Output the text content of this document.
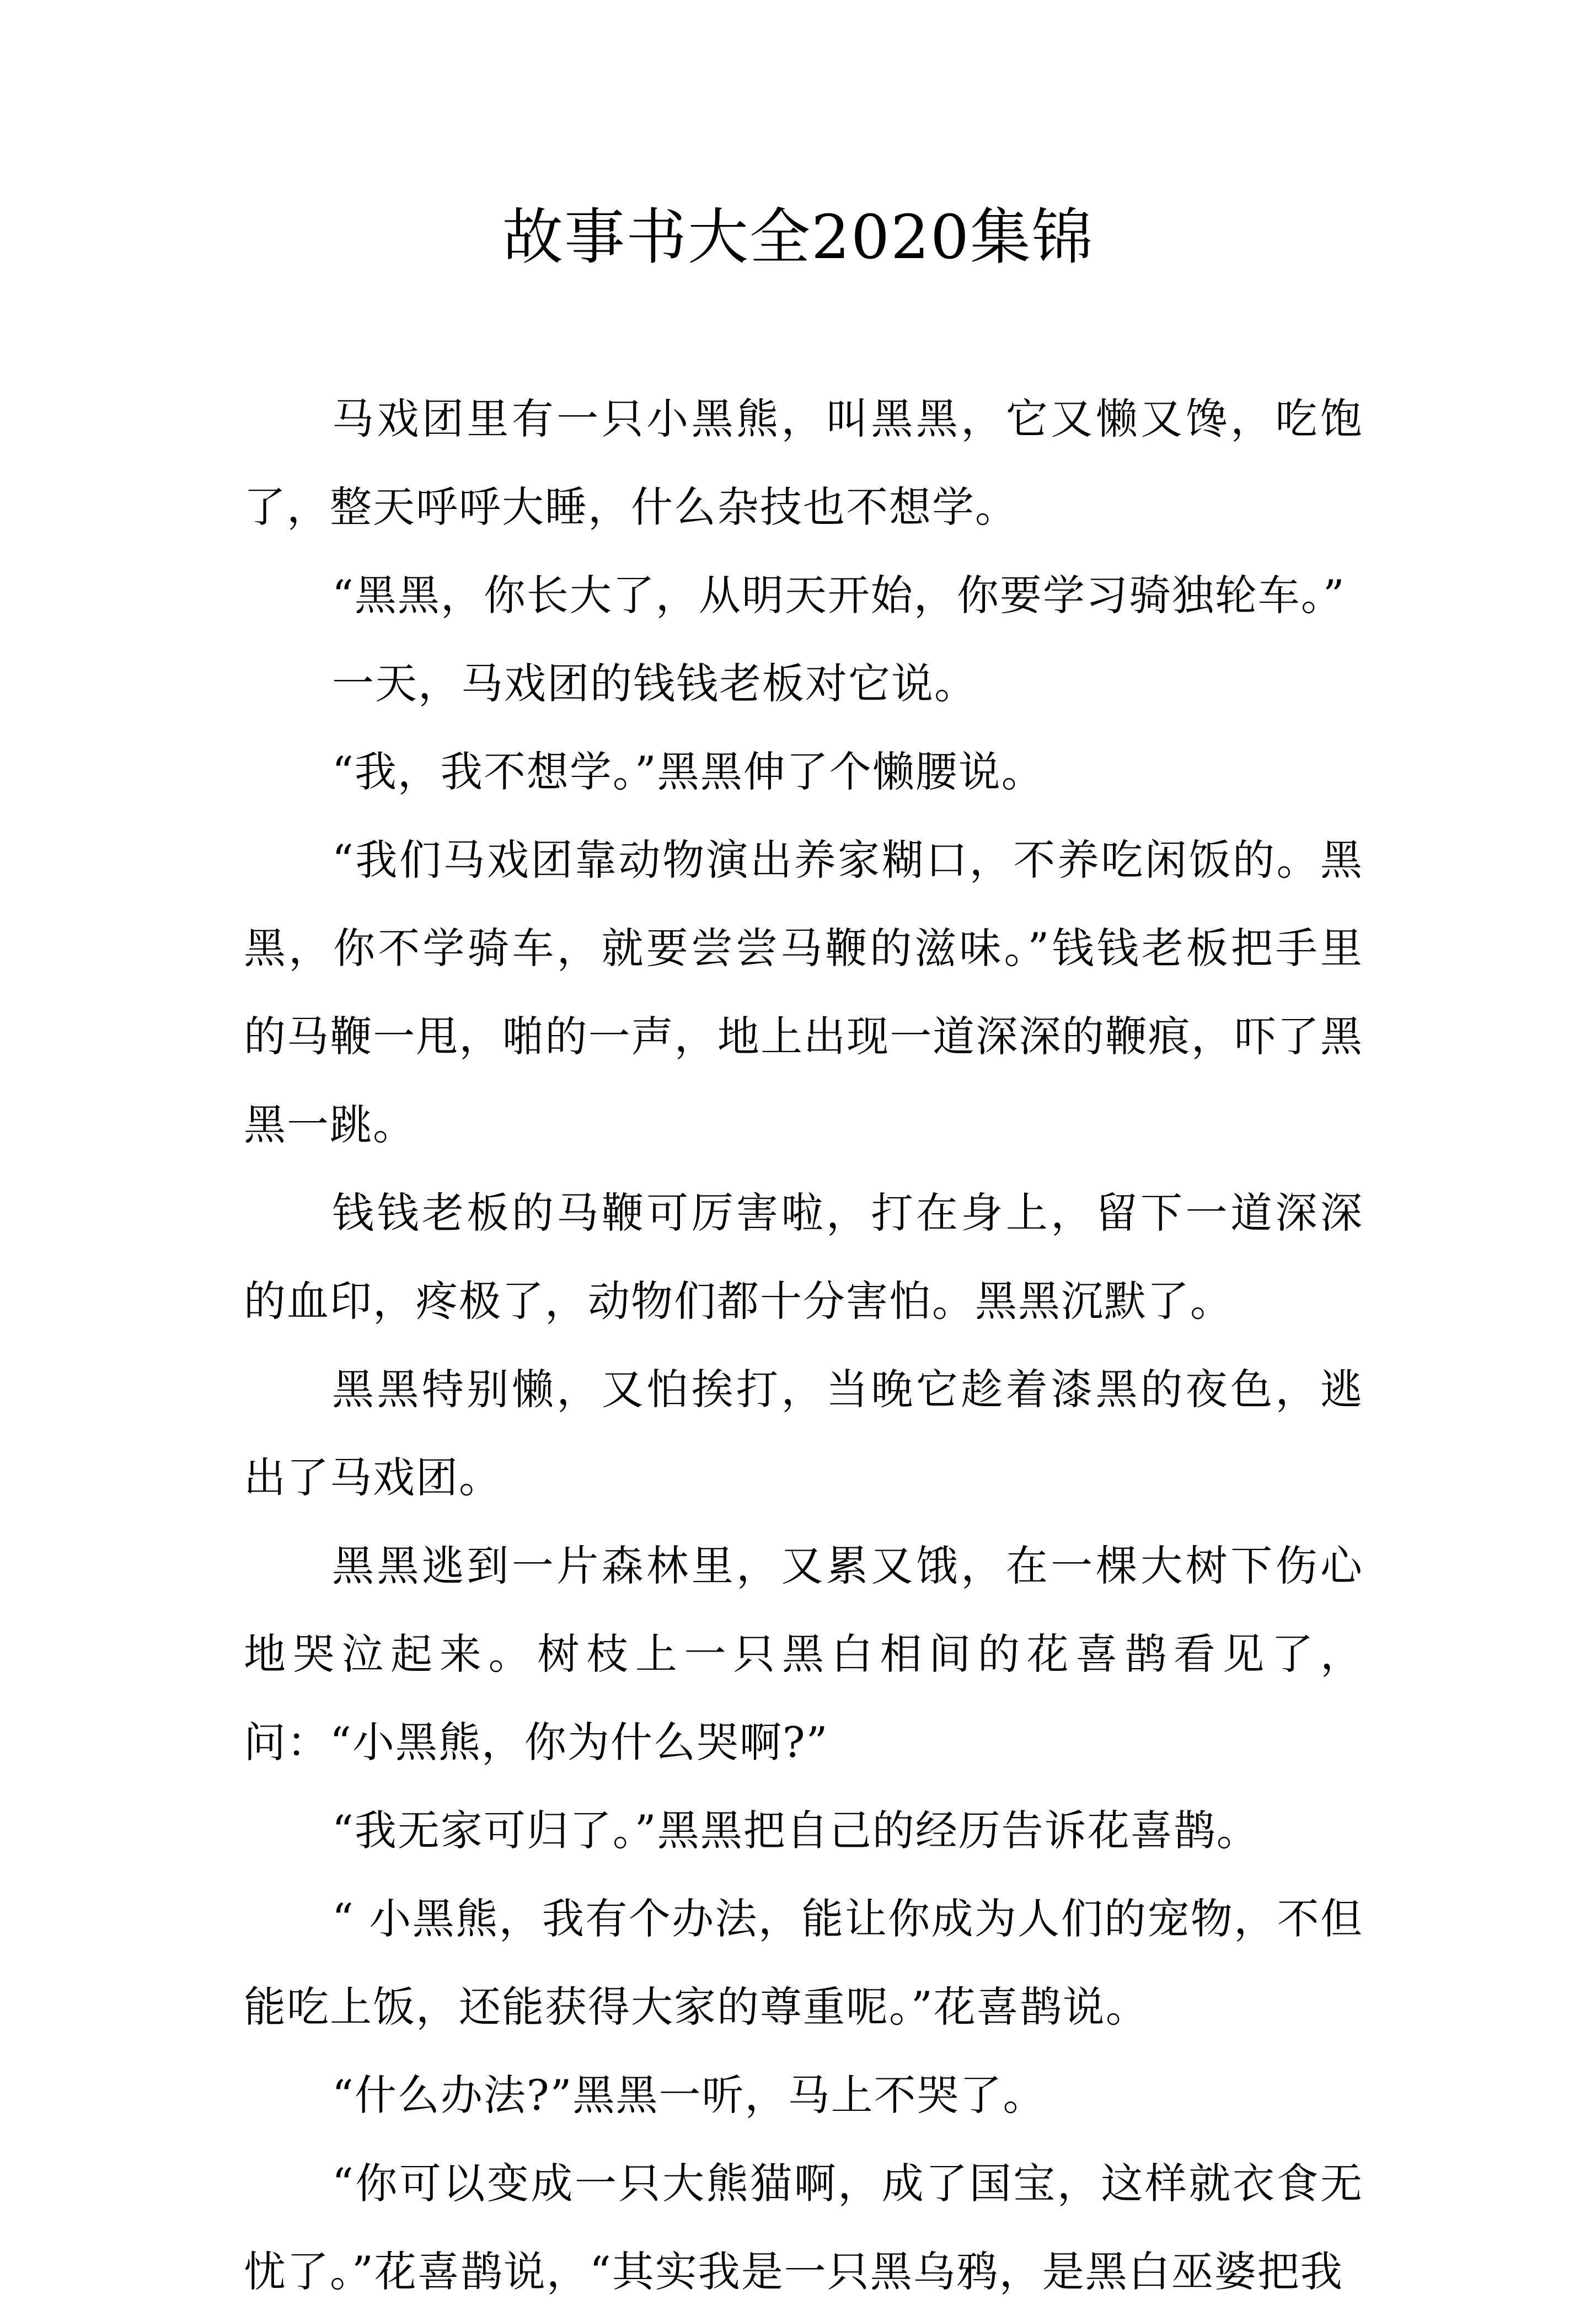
故事书大全2020集锦

马戏团里有一只小黑熊，叫黑黑，它又懒又馋，吃饱了，整天呼呼大睡，什么杂技也不想学。

“黑黑，你长大了，从明天开始，你要学习骑独轮车。”

一天，马戏团的钱钱老板对它说。

“我，我不想学。”黑黑伸了个懒腰说。

“我们马戏团靠动物演出养家糊口，不养吃闲饭的。黑黑，你不学骑车，就要尝尝马鞭的滋味。”钱钱老板把手里的马鞭一甩，啪的一声，地上出现一道深深的鞭痕，吓了黑黑一跳。

钱钱老板的马鞭可厉害啦，打在身上，留下一道深深的血印，疼极了，动物们都十分害怕。黑黑沉默了。

黑黑特别懒，又怕挨打，当晚它趁着漆黑的夜色，逃出了马戏团。

黑黑逃到一片森林里，又累又饿，在一棵大树下伤心地哭泣起来。树枝上一只黑白相间的花喜鹊看见了，问：“小黑熊，你为什么哭啊?”

“我无家可归了。”黑黑把自己的经历告诉花喜鹊。

“ 小黑熊，我有个办法，能让你成为人们的宠物，不但能吃上饭，还能获得大家的尊重呢。”花喜鹊说。

“什么办法?”黑黑一听，马上不哭了。

“你可以变成一只大熊猫啊，成了国宝，这样就衣食无忧了。”花喜鹊说，“其实我是一只黑乌鸦，是黑白巫婆把我
